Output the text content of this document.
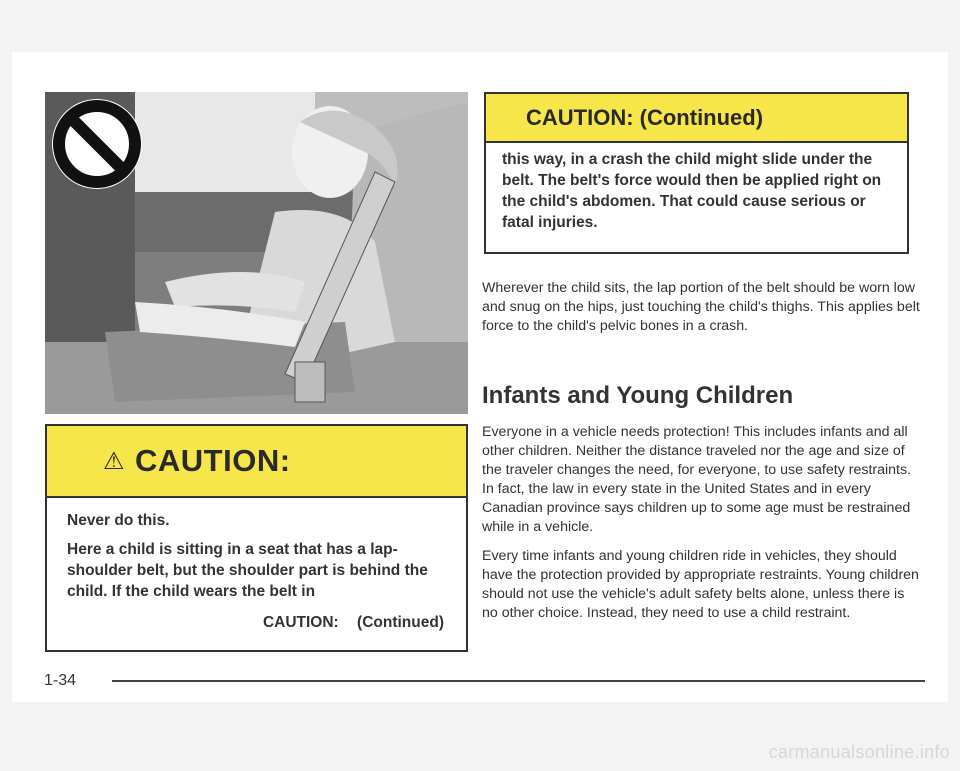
⚠ CAUTION:

Never do this.

Here a child is sitting in a seat that has a lap-shoulder belt, but the shoulder part is behind the child. If the child wears the belt in

CAUTION: (Continued)
CAUTION: (Continued)

this way, in a crash the child might slide under the belt. The belt's force would then be applied right on the child's abdomen. That could cause serious or fatal injuries.

Wherever the child sits, the lap portion of the belt should be worn low and snug on the hips, just touching the child's thighs. This applies belt force to the child's pelvic bones in a crash.

Infants and Young Children

Everyone in a vehicle needs protection! This includes infants and all other children. Neither the distance traveled nor the age and size of the traveler changes the need, for everyone, to use safety restraints. In fact, the law in every state in the United States and in every Canadian province says children up to some age must be restrained while in a vehicle.

Every time infants and young children ride in vehicles, they should have the protection provided by appropriate restraints. Young children should not use the vehicle's adult safety belts alone, unless there is no other choice. Instead, they need to use a child restraint.

1-34
carmanualsonline.info
